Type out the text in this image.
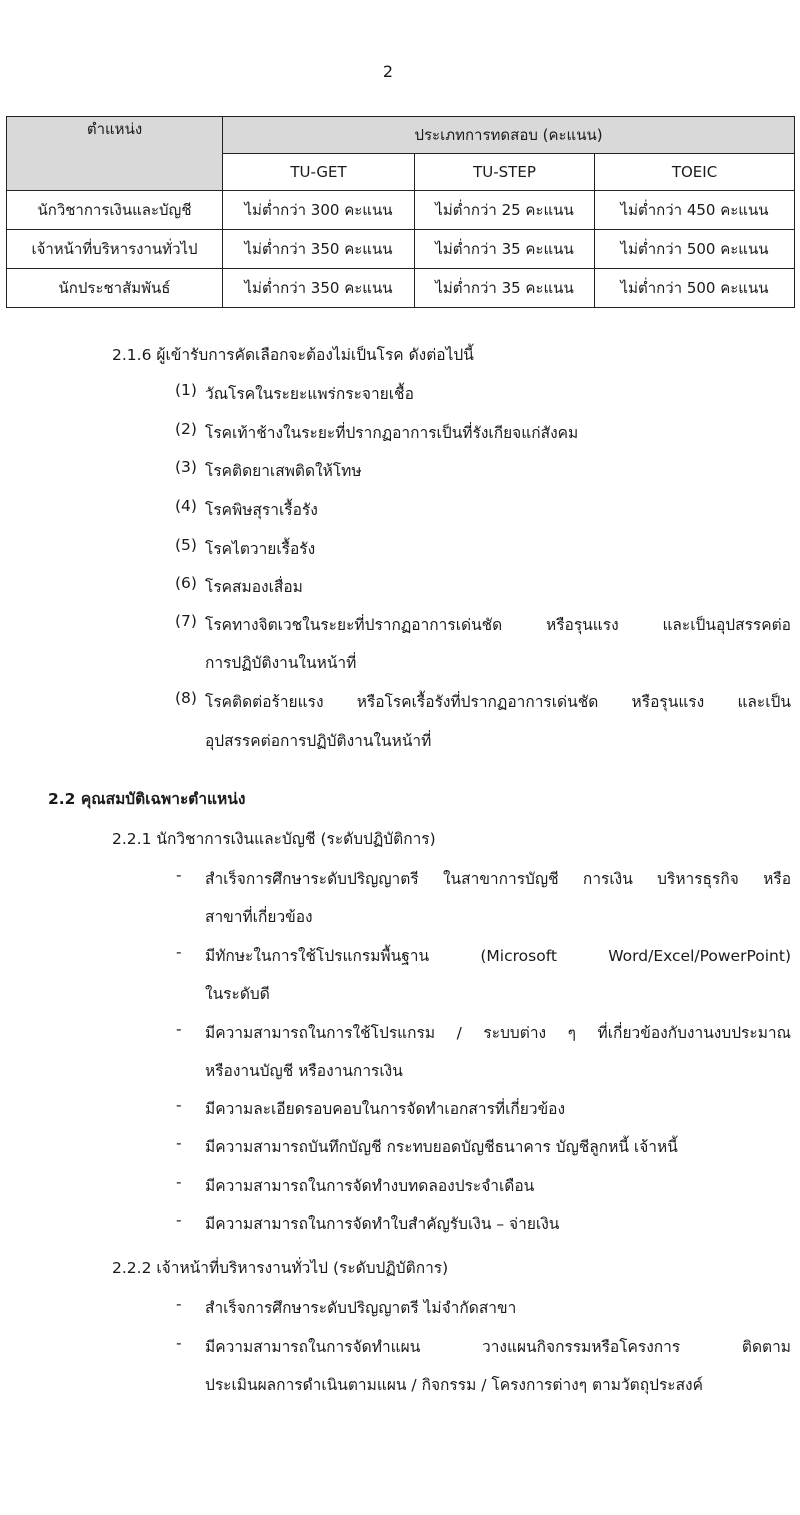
2
ตำแหน่ง	ประเภทการทดสอบ (คะแนน)		
	TU-GET	TU-STEP	TOEIC
นักวิชาการเงินและบัญชี	ไม่ต่ำกว่า 300 คะแนน	ไม่ต่ำกว่า 25 คะแนน	ไม่ต่ำกว่า 450 คะแนน
เจ้าหน้าที่บริหารงานทั่วไป	ไม่ต่ำกว่า 350 คะแนน	ไม่ต่ำกว่า 35 คะแนน	ไม่ต่ำกว่า 500 คะแนน
นักประชาสัมพันธ์	ไม่ต่ำกว่า 350 คะแนน	ไม่ต่ำกว่า 35 คะแนน	ไม่ต่ำกว่า 500 คะแนน
2.1.6 ผู้เข้ารับการคัดเลือกจะต้องไม่เป็นโรค ดังต่อไปนี้
(1) วัณโรคในระยะแพร่กระจายเชื้อ
(2) โรคเท้าช้างในระยะที่ปรากฏอาการเป็นที่รังเกียจแก่สังคม
(3) โรคติดยาเสพติดให้โทษ
(4) โรคพิษสุราเรื้อรัง
(5) โรคไตวายเรื้อรัง
(6) โรคสมองเสื่อม
(7) โรคทางจิตเวชในระยะที่ปรากฏอาการเด่นชัด หรือรุนแรง และเป็นอุปสรรคต่อ
การปฏิบัติงานในหน้าที่
(8) โรคติดต่อร้ายแรง หรือโรคเรื้อรังที่ปรากฏอาการเด่นชัด หรือรุนแรง และเป็น
อุปสรรคต่อการปฏิบัติงานในหน้าที่
2.2 คุณสมบัติเฉพาะตำแหน่ง
2.2.1 นักวิชาการเงินและบัญชี (ระดับปฏิบัติการ)
- สำเร็จการศึกษาระดับปริญญาตรี ในสาขาการบัญชี การเงิน บริหารธุรกิจ หรือ
สาขาที่เกี่ยวข้อง
- มีทักษะในการใช้โปรแกรมพื้นฐาน (Microsoft Word/Excel/PowerPoint)
ในระดับดี
- มีความสามารถในการใช้โปรแกรม / ระบบต่าง ๆ ที่เกี่ยวข้องกับงานงบประมาณ
หรืองานบัญชี หรืองานการเงิน
- มีความละเอียดรอบคอบในการจัดทำเอกสารที่เกี่ยวข้อง
- มีความสามารถบันทึกบัญชี กระทบยอดบัญชีธนาคาร บัญชีลูกหนี้ เจ้าหนี้
- มีความสามารถในการจัดทำงบทดลองประจำเดือน
- มีความสามารถในการจัดทำใบสำคัญรับเงิน – จ่ายเงิน
2.2.2 เจ้าหน้าที่บริหารงานทั่วไป (ระดับปฏิบัติการ)
- สำเร็จการศึกษาระดับปริญญาตรี ไม่จำกัดสาขา
- มีความสามารถในการจัดทำแผน วางแผนกิจกรรมหรือโครงการ ติดตาม
ประเมินผลการดำเนินตามแผน / กิจกรรม / โครงการต่างๆ ตามวัตถุประสงค์
